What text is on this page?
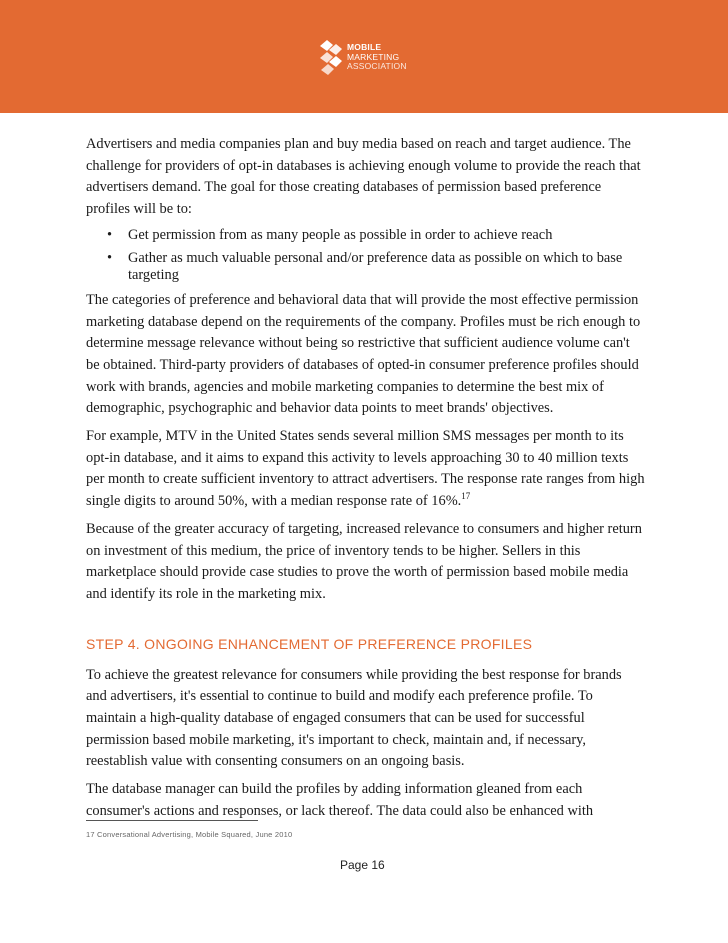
MOBILE
MARKETING
ASSOCIATION

Advertisers and media companies plan and buy media based on reach and target audience. The challenge for providers of opt-in databases is achieving enough volume to provide the reach that advertisers demand. The goal for those creating databases of permission based preference profiles will be to:

• Get permission from as many people as possible in order to achieve reach
• Gather as much valuable personal and/or preference data as possible on which to base targeting

The categories of preference and behavioral data that will provide the most effective permission marketing database depend on the requirements of the company. Profiles must be rich enough to determine message relevance without being so restrictive that sufficient audience volume can't be obtained. Third-party providers of databases of opted-in consumer preference profiles should work with brands, agencies and mobile marketing companies to determine the best mix of demographic, psychographic and behavior data points to meet brands' objectives.

For example, MTV in the United States sends several million SMS messages per month to its opt-in database, and it aims to expand this activity to levels approaching 30 to 40 million texts per month to create sufficient inventory to attract advertisers. The response rate ranges from high single digits to around 50%, with a median response rate of 16%.$^{17}$

Because of the greater accuracy of targeting, increased relevance to consumers and higher return on investment of this medium, the price of inventory tends to be higher. Sellers in this marketplace should provide case studies to prove the worth of permission based mobile media and identify its role in the marketing mix.

STEP 4. ONGOING ENHANCEMENT OF PREFERENCE PROFILES

To achieve the greatest relevance for consumers while providing the best response for brands and advertisers, it's essential to continue to build and modify each preference profile. To maintain a high-quality database of engaged consumers that can be used for successful permission based mobile marketing, it's important to check, maintain and, if necessary, reestablish value with consenting consumers on an ongoing basis.

The database manager can build the profiles by adding information gleaned from each consumer's actions and responses, or lack thereof. The data could also be enhanced with

17 Conversational Advertising, Mobile Squared, June 2010
Page 16
